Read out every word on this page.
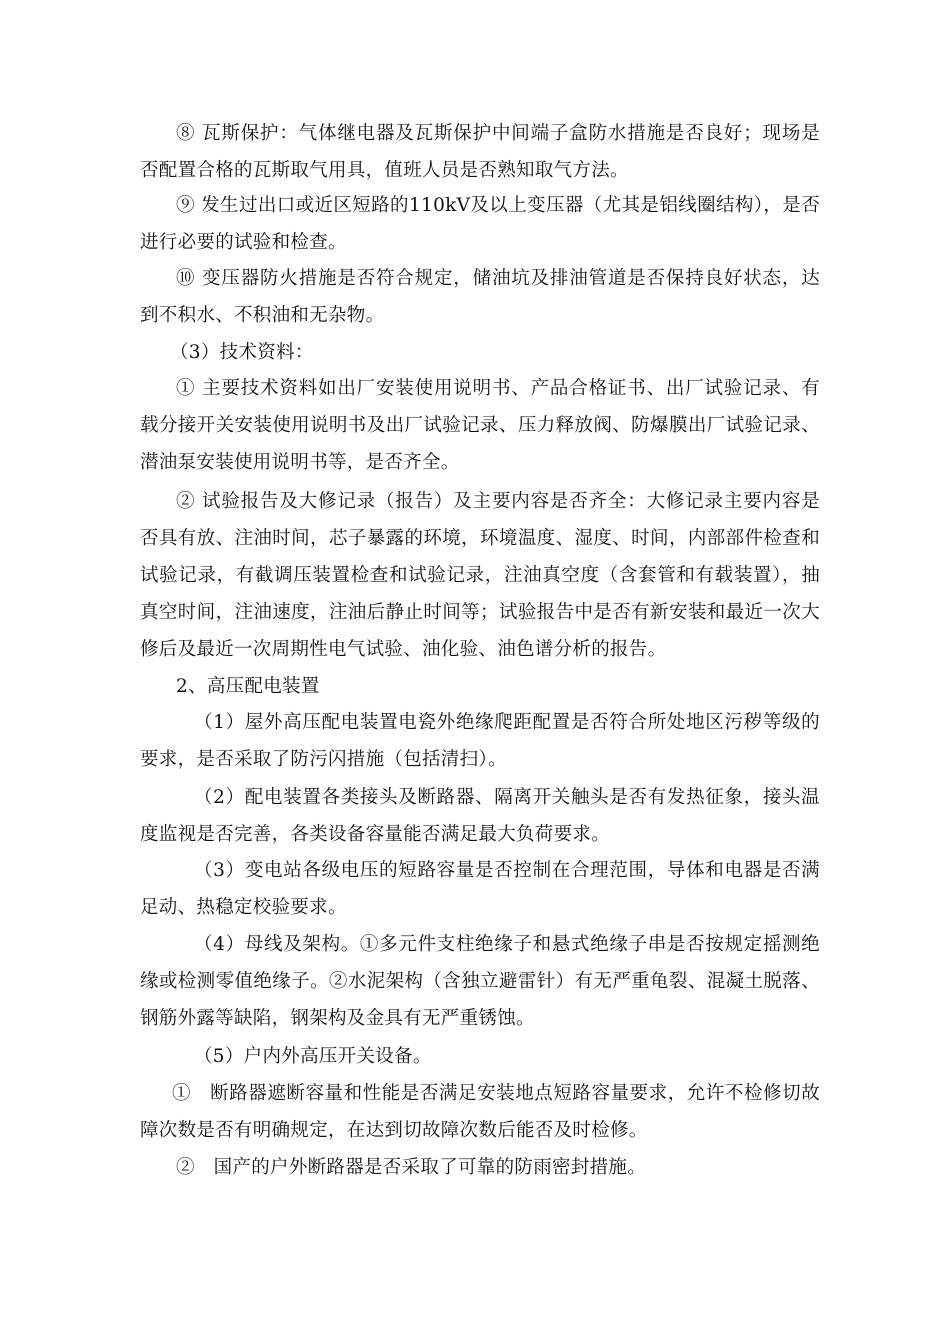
⑧ 瓦斯保护：气体继电器及瓦斯保护中间端子盒防水措施是否良好；现场是否配置合格的瓦斯取气用具，值班人员是否熟知取气方法。

⑨ 发生过出口或近区短路的110kV及以上变压器（尤其是铝线圈结构），是否进行必要的试验和检查。

⑩ 变压器防火措施是否符合规定，储油坑及排油管道是否保持良好状态，达到不积水、不积油和无杂物。

（3）技术资料：

① 主要技术资料如出厂安装使用说明书、产品合格证书、出厂试验记录、有载分接开关安装使用说明书及出厂试验记录、压力释放阀、防爆膜出厂试验记录、潜油泵安装使用说明书等，是否齐全。

② 试验报告及大修记录（报告）及主要内容是否齐全：大修记录主要内容是否具有放、注油时间，芯子暴露的环境，环境温度、湿度、时间，内部部件检查和试验记录，有截调压装置检查和试验记录，注油真空度（含套管和有载装置），抽真空时间，注油速度，注油后静止时间等；试验报告中是否有新安装和最近一次大修后及最近一次周期性电气试验、油化验、油色谱分析的报告。

2、高压配电装置

（1）屋外高压配电装置电瓷外绝缘爬距配置是否符合所处地区污秽等级的要求，是否采取了防污闪措施（包括清扫）。

（2）配电装置各类接头及断路器、隔离开关触头是否有发热征象，接头温度监视是否完善，各类设备容量能否满足最大负荷要求。

（3）变电站各级电压的短路容量是否控制在合理范围，导体和电器是否满足动、热稳定校验要求。

（4）母线及架构。①多元件支柱绝缘子和悬式绝缘子串是否按规定摇测绝缘或检测零值绝缘子。②水泥架构（含独立避雷针）有无严重龟裂、混凝土脱落、钢筋外露等缺陷，钢架构及金具有无严重锈蚀。

（5）户内外高压开关设备。

①　断路器遮断容量和性能是否满足安装地点短路容量要求，允许不检修切故障次数是否有明确规定，在达到切故障次数后能否及时检修。

②　国产的户外断路器是否采取了可靠的防雨密封措施。
